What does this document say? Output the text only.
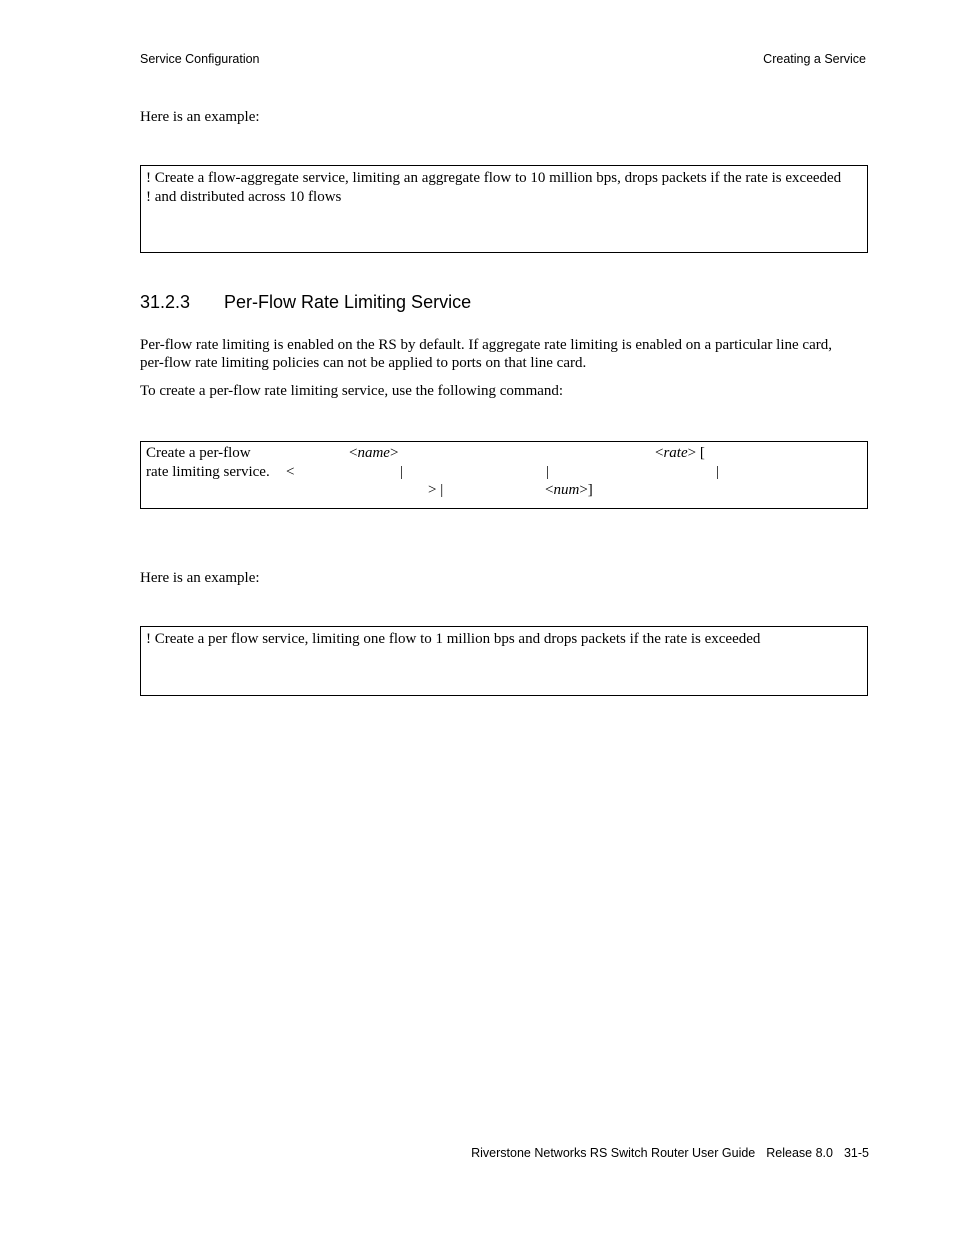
Service Configuration	Creating a Service
Here is an example:
! Create a flow-aggregate service, limiting an aggregate flow to 10 million bps, drops packets if the rate is exceeded
! and distributed across 10 flows
31.2.3 Per-Flow Rate Limiting Service
Per-flow rate limiting is enabled on the RS by default. If aggregate rate limiting is enabled on a particular line card,
per-flow rate limiting policies can not be applied to ports on that line card.
To create a per-flow rate limiting service, use the following command:
Create a per-flow
rate limiting service.
<name>	<rate> [
<	|	|	|
> |	<num>]
Here is an example:
! Create a per flow service, limiting one flow to 1 million bps and drops packets if the rate is exceeded
Riverstone Networks RS Switch Router User Guide Release 8.0 31-5
